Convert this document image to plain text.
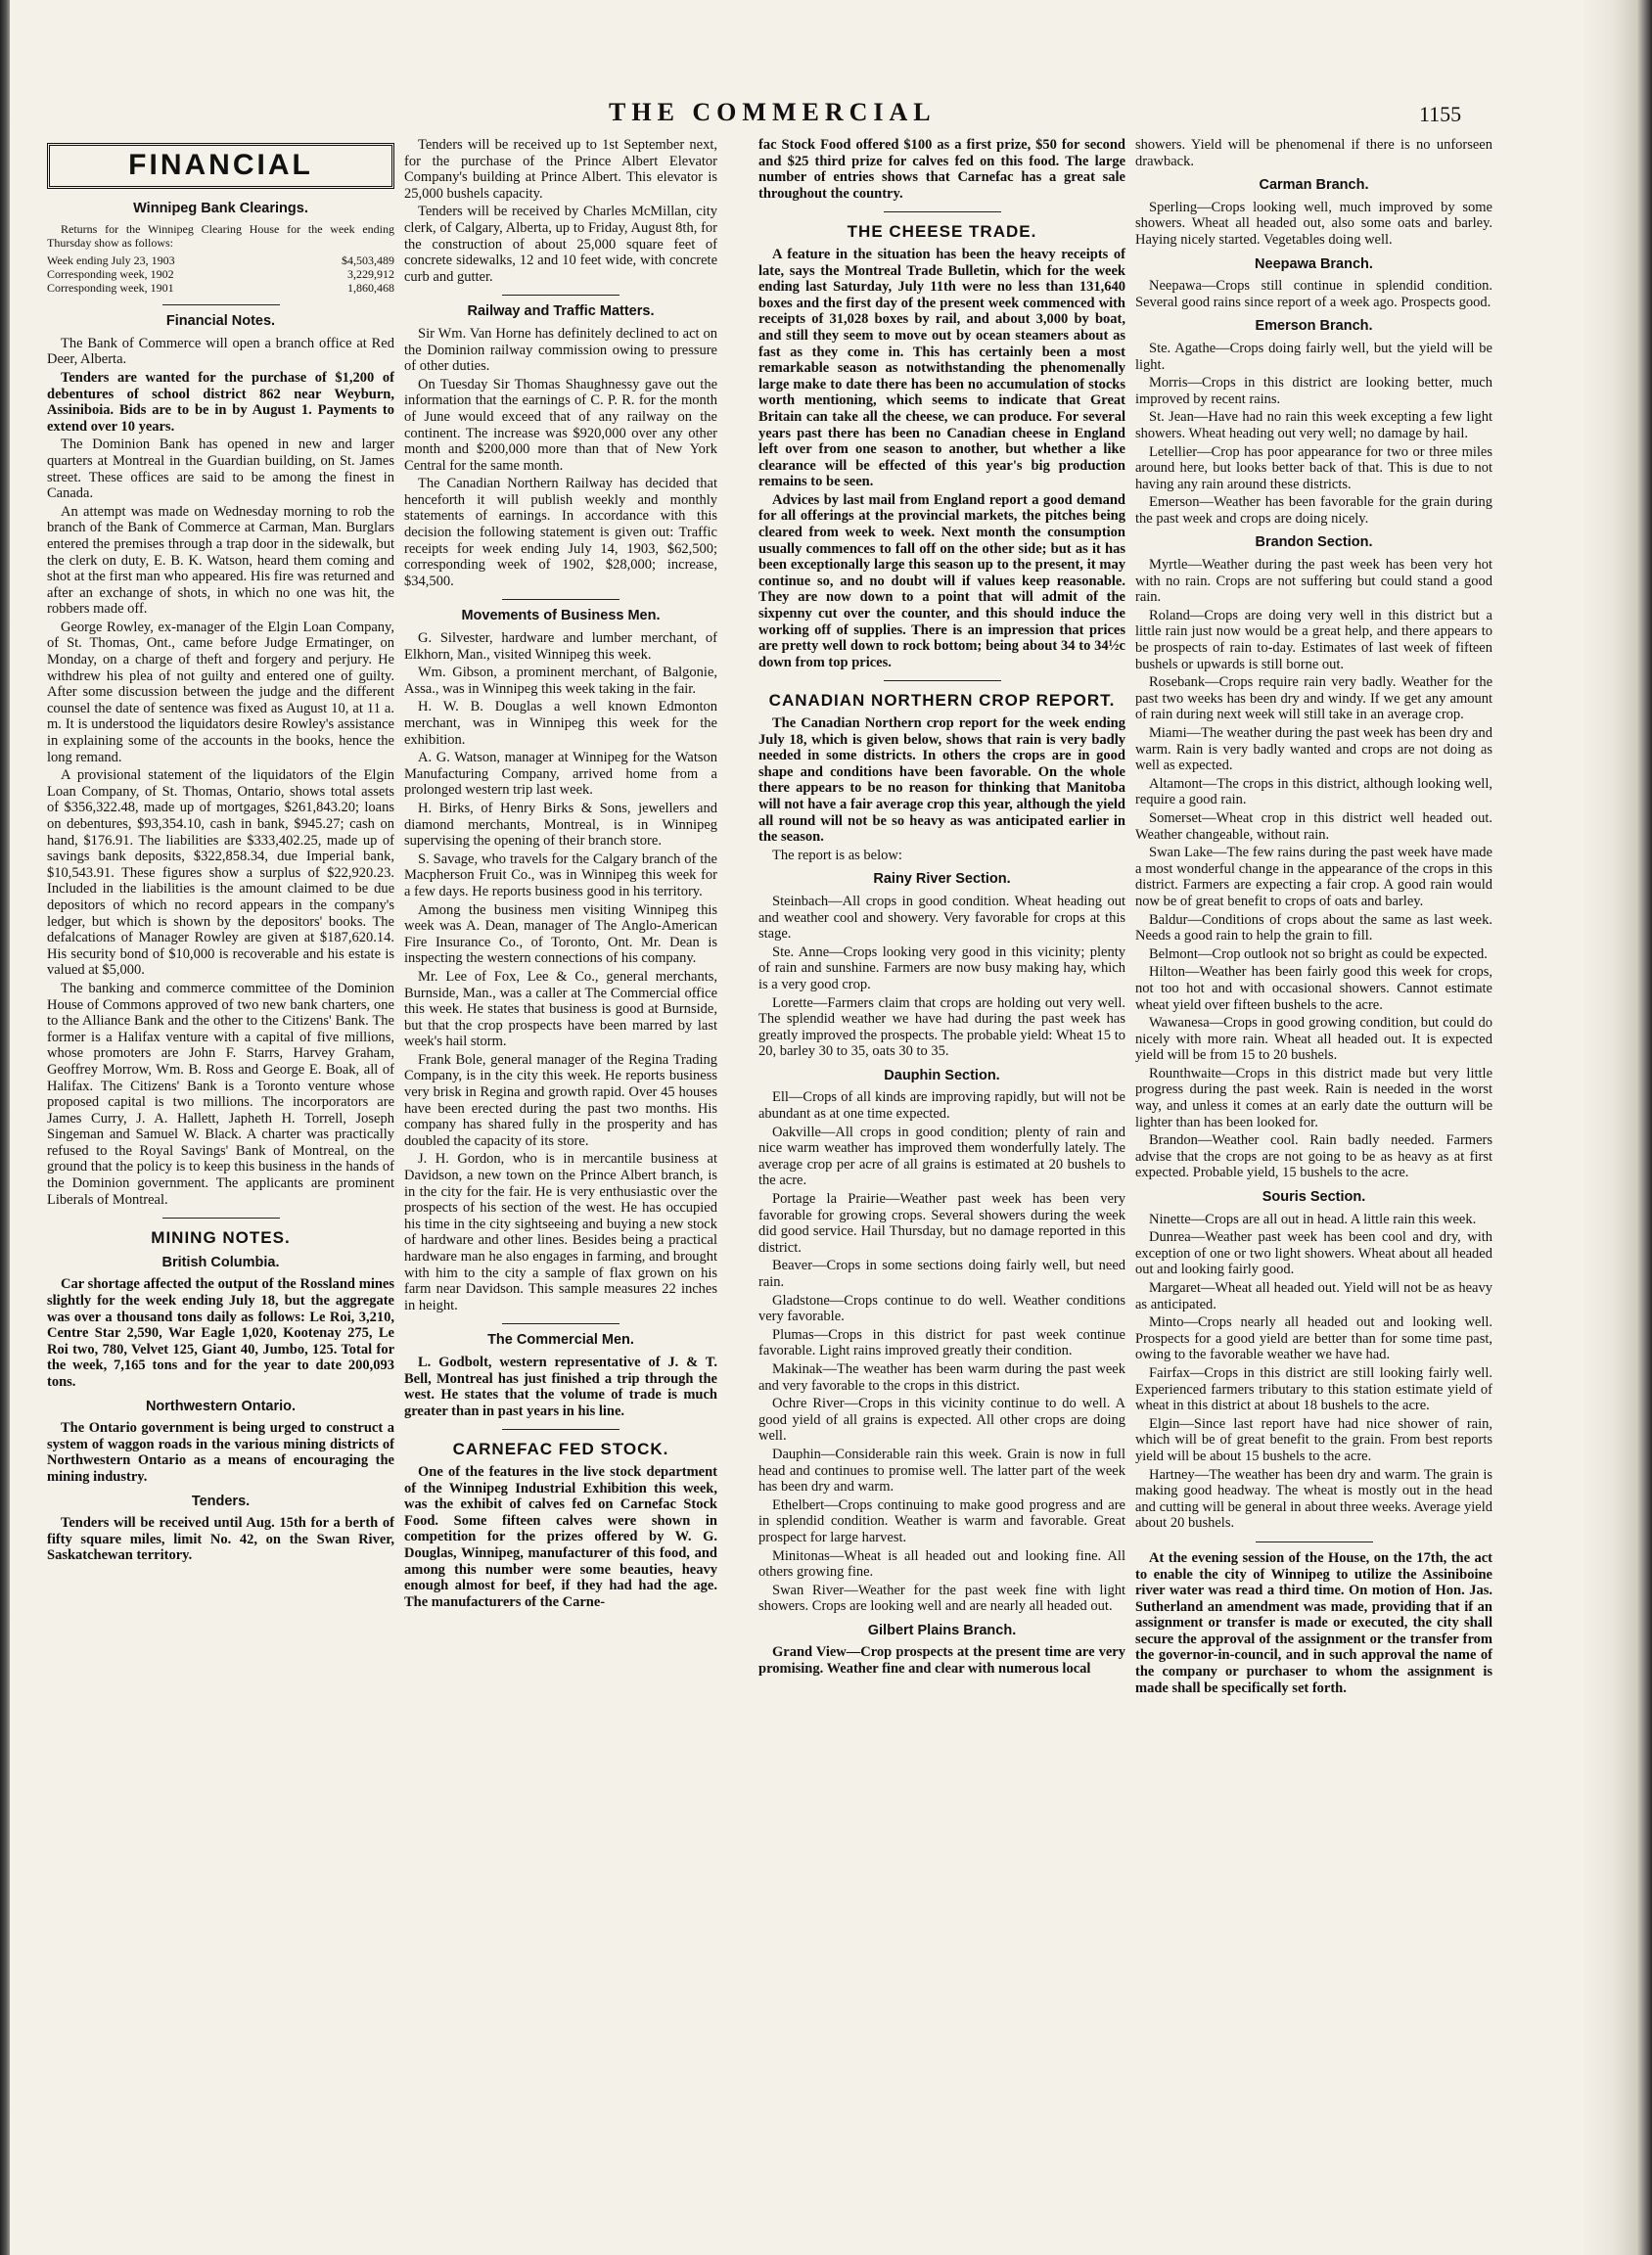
THE COMMERCIAL	1155
FINANCIAL
Winnipeg Bank Clearings.

Returns for the Winnipeg Clearing House for the week ending Thursday show as follows:

Week ending July 23, 1903	$4,503,489
Corresponding week, 1902	3,229,912
Corresponding week, 1901	1,860,468
Financial Notes.

The Bank of Commerce will open a branch office at Red Deer, Alberta.

Tenders are wanted for the purchase of $1,200 of debentures of school district 862 near Weyburn, Assiniboia. Bids are to be in by August 1. Payments to extend over 10 years.

The Dominion Bank has opened in new and larger quarters at Montreal in the Guardian building, on St. James street. These offices are said to be among the finest in Canada.

An attempt was made on Wednesday morning to rob the branch of the Bank of Commerce at Carman, Man. Burglars entered the premises through a trap door in the sidewalk, but the clerk on duty, E. B. K. Watson, heard them coming and shot at the first man who appeared. His fire was returned and after an exchange of shots, in which no one was hit, the robbers made off.

George Rowley, ex-manager of the Elgin Loan Company, of St. Thomas, Ont., came before Judge Ermatinger, on Monday, on a charge of theft and forgery and perjury. He withdrew his plea of not guilty and entered one of guilty. After some discussion between the judge and the different counsel the date of sentence was fixed as August 10, at 11 a. m. It is understood the liquidators desire Rowley's assistance in explaining some of the accounts in the books, hence the long remand.

A provisional statement of the liquidators of the Elgin Loan Company, of St. Thomas, Ontario, shows total assets of $356,322.48, made up of mortgages, $261,843.20; loans on debentures, $93,354.10, cash in bank, $945.27; cash on hand, $176.91. The liabilities are $333,402.25, made up of savings bank deposits, $322,858.34, due Imperial bank, $10,543.91. These figures show a surplus of $22,920.23. Included in the liabilities is the amount claimed to be due depositors of which no record appears in the company's ledger, but which is shown by the depositors' books. The defalcations of Manager Rowley are given at $187,620.14. His security bond of $10,000 is recoverable and his estate is valued at $5,000.

The banking and commerce committee of the Dominion House of Commons approved of two new bank charters, one to the Alliance Bank and the other to the Citizens' Bank. The former is a Halifax venture with a capital of five millions, whose promoters are John F. Starrs, Harvey Graham, Geoffrey Morrow, Wm. B. Ross and George E. Boak, all of Halifax. The Citizens' Bank is a Toronto venture whose proposed capital is two millions. The incorporators are James Curry, J. A. Hallett, Japheth H. Torrell, Joseph Singeman and Samuel W. Black. A charter was practically refused to the Royal Savings' Bank of Montreal, on the ground that the policy is to keep this business in the hands of the Dominion government. The applicants are prominent Liberals of Montreal.

MINING NOTES.
British Columbia.

Car shortage affected the output of the Rossland mines slightly for the week ending July 18, but the aggregate was over a thousand tons daily as follows: Le Roi, 3,210, Centre Star 2,590, War Eagle 1,020, Kootenay 275, Le Roi two, 780, Velvet 125, Giant 40, Jumbo, 125. Total for the week, 7,165 tons and for the year to date 200,093 tons.

Northwestern Ontario.

The Ontario government is being urged to construct a system of waggon roads in the various mining districts of Northwestern Ontario as a means of encouraging the mining industry.

Tenders.

Tenders will be received until Aug. 15th for a berth of fifty square miles, limit No. 42, on the Swan River, Saskatchewan territory.

Tenders will be received up to 1st September next, for the purchase of the Prince Albert Elevator Company's building at Prince Albert. This elevator is 25,000 bushels capacity.

Tenders will be received by Charles McMillan, city clerk, of Calgary, Alberta, up to Friday, August 8th, for the construction of about 25,000 square feet of concrete sidewalks, 12 and 10 feet wide, with concrete curb and gutter.

Railway and Traffic Matters.

Sir Wm. Van Horne has definitely declined to act on the Dominion railway commission owing to pressure of other duties.

On Tuesday Sir Thomas Shaughnessy gave out the information that the earnings of C. P. R. for the month of June would exceed that of any railway on the continent. The increase was $920,000 over any other month and $200,000 more than that of New York Central for the same month.

The Canadian Northern Railway has decided that henceforth it will publish weekly and monthly statements of earnings. In accordance with this decision the following statement is given out: Traffic receipts for week ending July 14, 1903, $62,500; corresponding week of 1902, $28,000; increase, $34,500.

Movements of Business Men.

G. Silvester, hardware and lumber merchant, of Elkhorn, Man., visited Winnipeg this week.

Wm. Gibson, a prominent merchant, of Balgonie, Assa., was in Winnipeg this week taking in the fair.

H. W. B. Douglas a well known Edmonton merchant, was in Winnipeg this week for the exhibition.

A. G. Watson, manager at Winnipeg for the Watson Manufacturing Company, arrived home from a prolonged western trip last week.

H. Birks, of Henry Birks & Sons, jewellers and diamond merchants, Montreal, is in Winnipeg supervising the opening of their branch store.

S. Savage, who travels for the Calgary branch of the Macpherson Fruit Co., was in Winnipeg this week for a few days. He reports business good in his territory.

Among the business men visiting Winnipeg this week was A. Dean, manager of The Anglo-American Fire Insurance Co., of Toronto, Ont. Mr. Dean is inspecting the western connections of his company.

Mr. Lee of Fox, Lee & Co., general merchants, Burnside, Man., was a caller at The Commercial office this week. He states that business is good at Burnside, but that the crop prospects have been marred by last week's hail storm.

Frank Bole, general manager of the Regina Trading Company, is in the city this week. He reports business very brisk in Regina and growth rapid. Over 45 houses have been erected during the past two months. His company has shared fully in the prosperity and has doubled the capacity of its store.

J. H. Gordon, who is in mercantile business at Davidson, a new town on the Prince Albert branch, is in the city for the fair. He is very enthusiastic over the prospects of his section of the west. He has occupied his time in the city sightseeing and buying a new stock of hardware and other lines. Besides being a practical hardware man he also engages in farming, and brought with him to the city a sample of flax grown on his farm near Davidson. This sample measures 22 inches in height.

The Commercial Men.

L. Godbolt, western representative of J. & T. Bell, Montreal has just finished a trip through the west. He states that the volume of trade is much greater than in past years in his line.

CARNEFAC FED STOCK.

One of the features in the live stock department of the Winnipeg Industrial Exhibition this week, was the exhibit of calves fed on Carnefac Stock Food. Some fifteen calves were shown in competition for the prizes offered by W. G. Douglas, Winnipeg, manufacturer of this food, and among this number were some beauties, heavy enough almost for beef, if they had had the age. The manufacturers of the Carne-

fac Stock Food offered $100 as a first prize, $50 for second and $25 third prize for calves fed on this food. The large number of entries shows that Carnefac has a great sale throughout the country.

THE CHEESE TRADE.

A feature in the situation has been the heavy receipts of late, says the Montreal Trade Bulletin, which for the week ending last Saturday, July 11th were no less than 131,640 boxes and the first day of the present week commenced with receipts of 31,028 boxes by rail, and about 3,000 by boat, and still they seem to move out by ocean steamers about as fast as they come in. This has certainly been a most remarkable season as notwithstanding the phenomenally large make to date there has been no accumulation of stocks worth mentioning, which seems to indicate that Great Britain can take all the cheese, we can produce. For several years past there has been no Canadian cheese in England left over from one season to another, but whether a like clearance will be effected of this year's big production remains to be seen.

Advices by last mail from England report a good demand for all offerings at the provincial markets, the pitches being cleared from week to week. Next month the consumption usually commences to fall off on the other side; but as it has been exceptionally large this season up to the present, it may continue so, and no doubt will if values keep reasonable. They are now down to a point that will admit of the sixpenny cut over the counter, and this should induce the working off of supplies. There is an impression that prices are pretty well down to rock bottom; being about 34 to 34½c down from top prices.

CANADIAN NORTHERN CROP REPORT.

The Canadian Northern crop report for the week ending July 18, which is given below, shows that rain is very badly needed in some districts. In others the crops are in good shape and conditions have been favorable. On the whole there appears to be no reason for thinking that Manitoba will not have a fair average crop this year, although the yield all round will not be so heavy as was anticipated earlier in the season.

The report is as below:

Rainy River Section.

Steinbach—All crops in good condition. Wheat heading out and weather cool and showery. Very favorable for crops at this stage.

Ste. Anne—Crops looking very good in this vicinity; plenty of rain and sunshine. Farmers are now busy making hay, which is a very good crop.

Lorette—Farmers claim that crops are holding out very well. The splendid weather we have had during the past week has greatly improved the prospects. The probable yield: Wheat 15 to 20, barley 30 to 35, oats 30 to 35.

Dauphin Section.

Ell—Crops of all kinds are improving rapidly, but will not be abundant as at one time expected.

Oakville—All crops in good condition; plenty of rain and nice warm weather has improved them wonderfully lately. The average crop per acre of all grains is estimated at 20 bushels to the acre.

Portage la Prairie—Weather past week has been very favorable for growing crops. Several showers during the week did good service. Hail Thursday, but no damage reported in this district.

Beaver—Crops in some sections doing fairly well, but need rain.

Gladstone—Crops continue to do well. Weather conditions very favorable.

Plumas—Crops in this district for past week continue favorable. Light rains improved greatly their condition.

Makinak—The weather has been warm during the past week and very favorable to the crops in this district.

Ochre River—Crops in this vicinity continue to do well. A good yield of all grains is expected. All other crops are doing well.

Dauphin—Considerable rain this week. Grain is now in full head and continues to promise well. The latter part of the week has been dry and warm.

Ethelbert—Crops continuing to make good progress and are in splendid condition. Weather is warm and favorable. Great prospect for large harvest.

Minitonas—Wheat is all headed out and looking fine. All others growing fine.

Swan River—Weather for the past week fine with light showers. Crops are looking well and are nearly all headed out.

Gilbert Plains Branch.

Grand View—Crop prospects at the present time are very promising. Weather fine and clear with numerous local

showers. Yield will be phenomenal if there is no unforseen drawback.

Carman Branch.

Sperling—Crops looking well, much improved by some showers. Wheat all headed out, also some oats and barley. Haying nicely started. Vegetables doing well.

Neepawa Branch.

Neepawa—Crops still continue in splendid condition. Several good rains since report of a week ago. Prospects good.

Emerson Branch.

Ste. Agathe—Crops doing fairly well, but the yield will be light.

Morris—Crops in this district are looking better, much improved by recent rains.

St. Jean—Have had no rain this week excepting a few light showers. Wheat heading out very well; no damage by hail.

Letellier—Crop has poor appearance for two or three miles around here, but looks better back of that. This is due to not having any rain around these districts.

Emerson—Weather has been favorable for the grain during the past week and crops are doing nicely.

Brandon Section.

Myrtle—Weather during the past week has been very hot with no rain. Crops are not suffering but could stand a good rain.

Roland—Crops are doing very well in this district but a little rain just now would be a great help, and there appears to be prospects of rain to-day. Estimates of last week of fifteen bushels or upwards is still borne out.

Rosebank—Crops require rain very badly. Weather for the past two weeks has been dry and windy. If we get any amount of rain during next week will still take in an average crop.

Miami—The weather during the past week has been dry and warm. Rain is very badly wanted and crops are not doing as well as expected.

Altamont—The crops in this district, although looking well, require a good rain.

Somerset—Wheat crop in this district well headed out. Weather changeable, without rain.

Swan Lake—The few rains during the past week have made a most wonderful change in the appearance of the crops in this district. Farmers are expecting a fair crop. A good rain would now be of great benefit to crops of oats and barley.

Baldur—Conditions of crops about the same as last week. Needs a good rain to help the grain to fill.

Belmont—Crop outlook not so bright as could be expected.

Hilton—Weather has been fairly good this week for crops, not too hot and with occasional showers. Cannot estimate wheat yield over fifteen bushels to the acre.

Wawanesa—Crops in good growing condition, but could do nicely with more rain. Wheat all headed out. It is expected yield will be from 15 to 20 bushels.

Rounthwaite—Crops in this district made but very little progress during the past week. Rain is needed in the worst way, and unless it comes at an early date the outturn will be lighter than has been looked for.

Brandon—Weather cool. Rain badly needed. Farmers advise that the crops are not going to be as heavy as at first expected. Probable yield, 15 bushels to the acre.

Souris Section.

Ninette—Crops are all out in head. A little rain this week.

Dunrea—Weather past week has been cool and dry, with exception of one or two light showers. Wheat about all headed out and looking fairly good.

Margaret—Wheat all headed out. Yield will not be as heavy as anticipated.

Minto—Crops nearly all headed out and looking well. Prospects for a good yield are better than for some time past, owing to the favorable weather we have had.

Fairfax—Crops in this district are still looking fairly well. Experienced farmers tributary to this station estimate yield of wheat in this district at about 18 bushels to the acre.

Elgin—Since last report have had nice shower of rain, which will be of great benefit to the grain. From best reports yield will be about 15 bushels to the acre.

Hartney—The weather has been dry and warm. The grain is making good headway. The wheat is mostly out in the head and cutting will be general in about three weeks. Average yield about 20 bushels.

At the evening session of the House, on the 17th, the act to enable the city of Winnipeg to utilize the Assiniboine river water was read a third time. On motion of Hon. Jas. Sutherland an amendment was made, providing that if an assignment or transfer is made or executed, the city shall secure the approval of the assignment or the transfer from the governor-in-council, and in such approval the name of the company or purchaser to whom the assignment is made shall be specifically set forth.
